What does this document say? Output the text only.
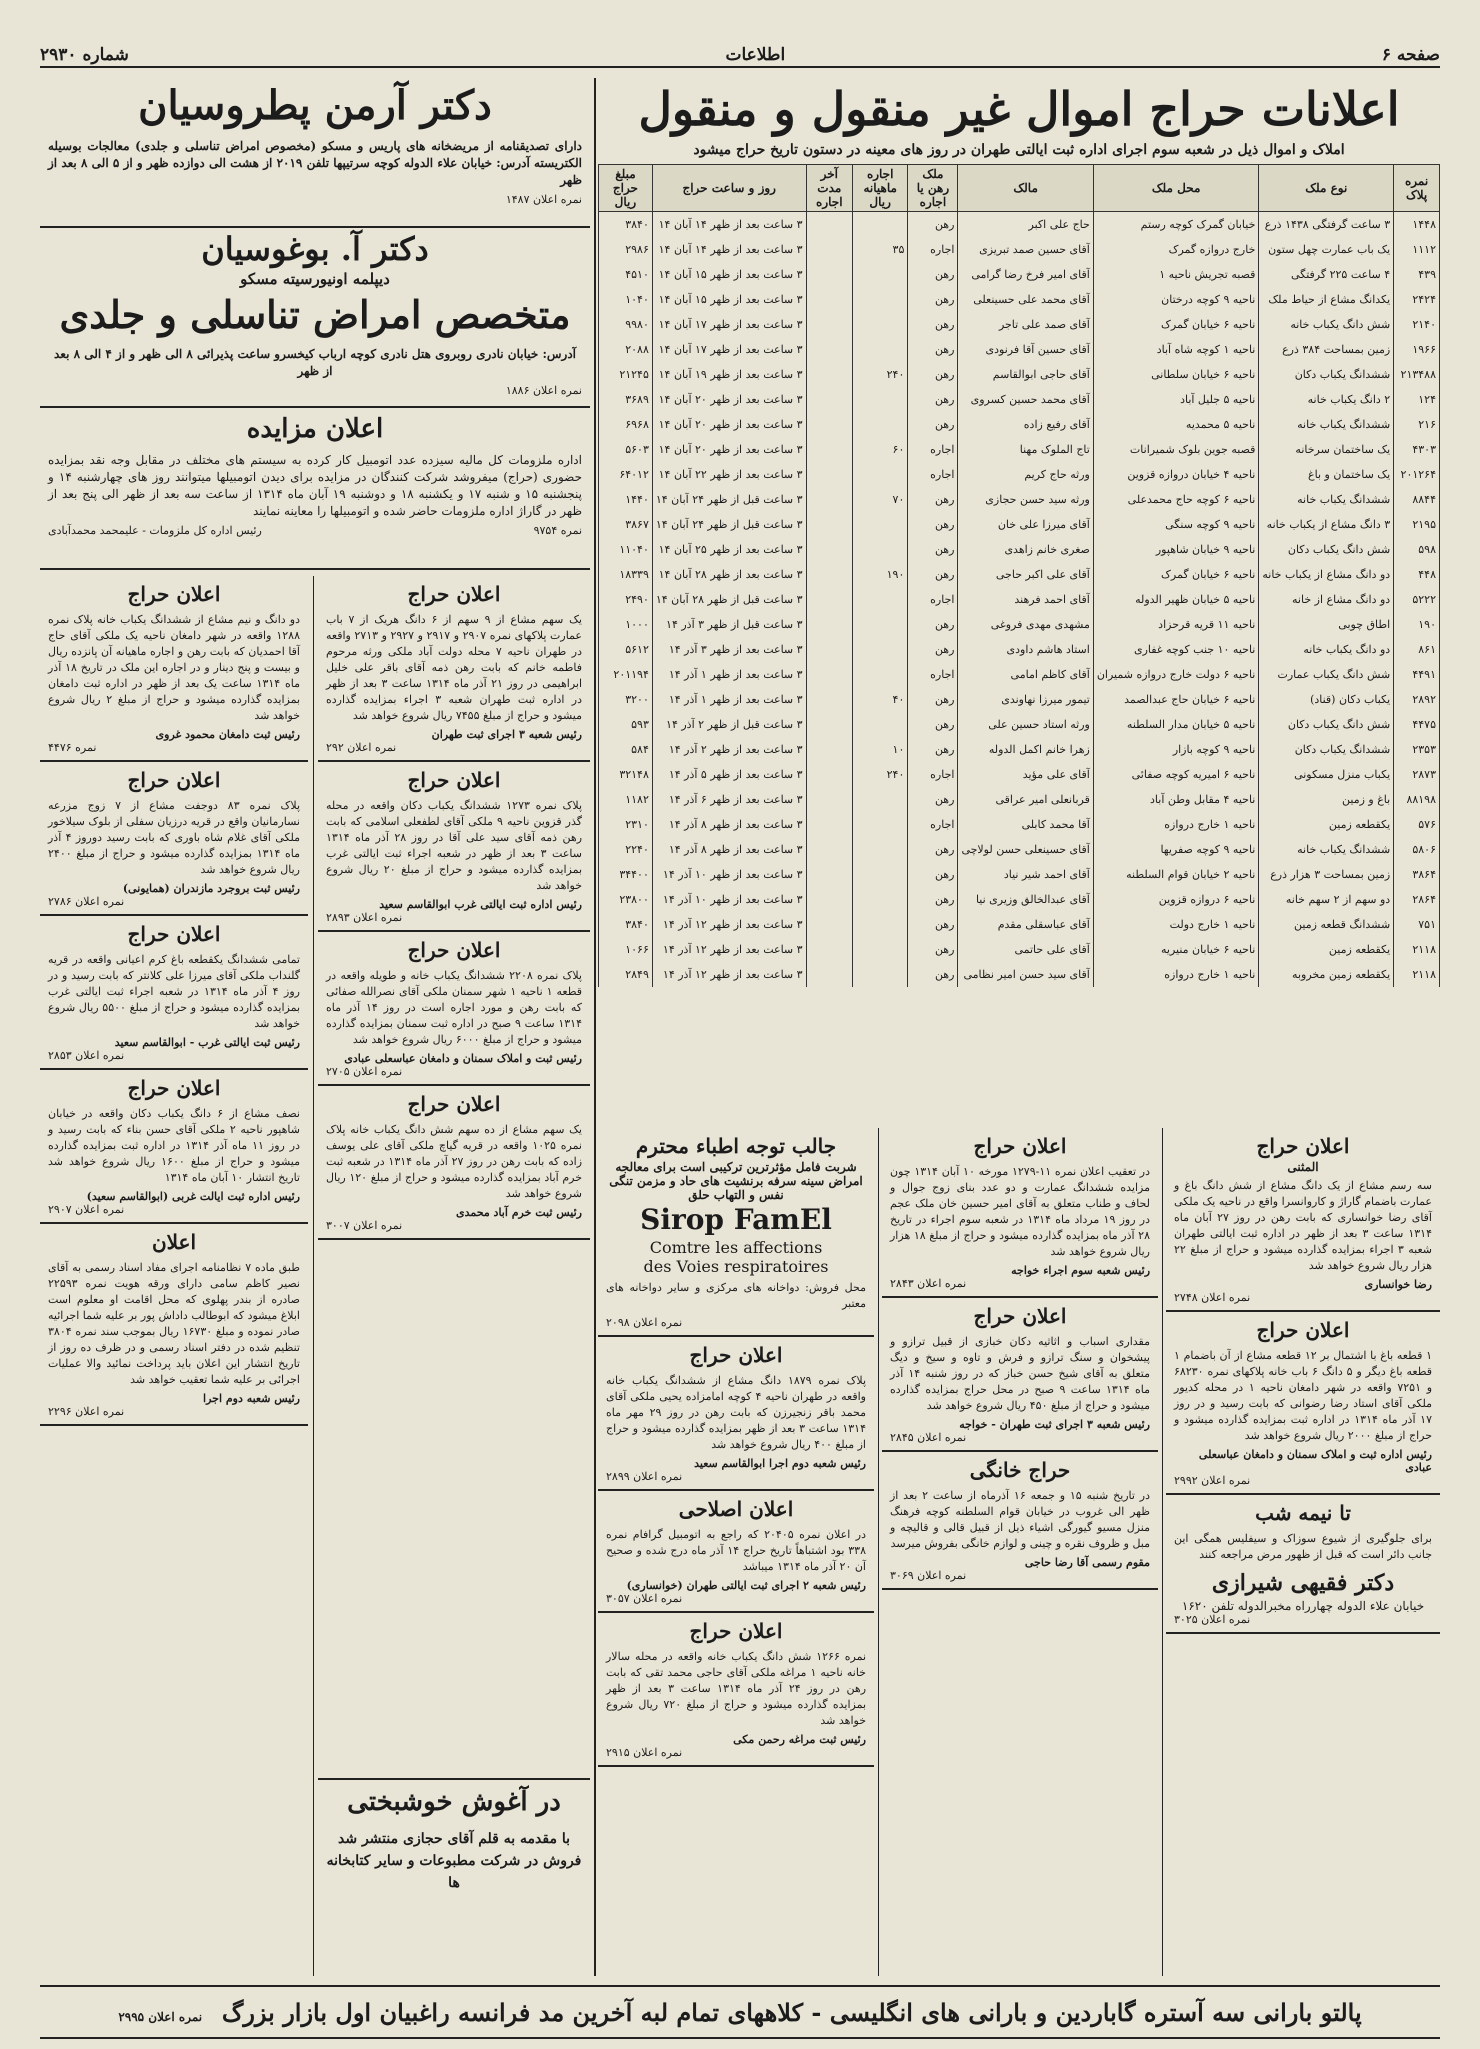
صفحه ۶
اطلاعات
شماره ۲۹۳۰
اعلانات حراج اموال غیر منقول و منقول
املاک و اموال ذیل در شعبه سوم اجرای اداره ثبت ایالتی طهران در روز های معینه در دستون تاریخ حراج میشود
نمره پلاک	نوع ملک	محل ملک	مالک	ملک رهن یا اجاره	اجاره ماهیانه ریال	آخر مدت اجاره	روز و ساعت حراج	مبلغ حراج ریال
۱۴۴۸	۳ ساعت گرفتگی ۱۴۳۸ ذرع	خیابان گمرک کوچه رستم	حاج علی اکبر	رهن			۳ ساعت بعد از ظهر ۱۴ آبان ۱۴	۳۸۴۰
۱۱۱۲	یک باب عمارت چهل ستون	خارج دروازه گمرک	آقای حسین صمد تبریزی	اجاره	۳۵		۳ ساعت بعد از ظهر ۱۴ آبان ۱۴	۲۹۸۶
۴۳۹	۴ ساعت ۲۲۵ گرفتگی	قصبه تجریش ناحیه ۱	آقای امیر فرخ رضا گرامی	رهن			۳ ساعت بعد از ظهر ۱۵ آبان ۱۴	۴۵۱۰
۲۴۲۴	یکدانگ مشاع از حیاط ملک	ناحیه ۹ کوچه درختان	آقای محمد علی حسینعلی	رهن			۳ ساعت بعد از ظهر ۱۵ آبان ۱۴	۱۰۴۰
۲۱۴۰	شش دانگ یکباب خانه	ناحیه ۶ خیابان گمرک	آقای صمد علی تاجر	رهن			۳ ساعت بعد از ظهر ۱۷ آبان ۱۴	۹۹۸۰
۱۹۶۶	زمین بمساحت ۳۸۴ ذرع	ناحیه ۱ کوچه شاه آباد	آقای حسین آقا فرنودی	رهن			۳ ساعت بعد از ظهر ۱۷ آبان ۱۴	۲۰۸۸
۲۱۳۴۸۸	ششدانگ یکباب دکان	ناحیه ۶ خیابان سلطانی	آقای حاجی ابوالقاسم	رهن	۲۴۰		۳ ساعت بعد از ظهر ۱۹ آبان ۱۴	۲۱۲۴۵
۱۲۴	۲ دانگ یکباب خانه	ناحیه ۵ جلیل آباد	آقای محمد حسین کسروی	رهن			۳ ساعت بعد از ظهر ۲۰ آبان ۱۴	۳۶۸۹
۲۱۶	ششدانگ یکباب خانه	ناحیه ۵ محمدیه	آقای رفیع زاده	رهن			۳ ساعت بعد از ظهر ۲۰ آبان ۱۴	۶۹۶۸
۴۳۰۳	یک ساختمان سرخانه	قصبه جوین بلوک شمیرانات	تاج الملوک مهنا	اجاره	۶۰		۳ ساعت بعد از ظهر ۲۰ آبان ۱۴	۵۶۰۳
۲۰۱۲۶۴	یک ساختمان و باغ	ناحیه ۴ خیابان دروازه قزوین	ورثه حاج کریم	اجاره			۳ ساعت بعد از ظهر ۲۲ آبان ۱۴	۶۴۰۱۲
۸۸۴۴	ششدانگ یکباب خانه	ناحیه ۶ کوچه حاج محمدعلی	ورثه سید حسن حجازی	رهن	۷۰		۳ ساعت قبل از ظهر ۲۴ آبان ۱۴	۱۴۴۰
۲۱۹۵	۳ دانگ مشاع از یکباب خانه	ناحیه ۹ کوچه سنگی	آقای میرزا علی خان	رهن			۳ ساعت قبل از ظهر ۲۴ آبان ۱۴	۳۸۶۷
۵۹۸	شش دانگ یکباب دکان	ناحیه ۹ خیابان شاهپور	صغری خانم زاهدی	رهن			۳ ساعت بعد از ظهر ۲۵ آبان ۱۴	۱۱۰۴۰
۴۴۸	دو دانگ مشاع از یکباب خانه	ناحیه ۶ خیابان گمرک	آقای علی اکبر حاجی	رهن	۱۹۰		۳ ساعت بعد از ظهر ۲۸ آبان ۱۴	۱۸۳۳۹
۵۲۲۲	دو دانگ مشاع از خانه	ناحیه ۵ خیابان ظهیر الدوله	آقای احمد فرهند	اجاره			۳ ساعت قبل از ظهر ۲۸ آبان ۱۴	۲۴۹۰
۱۹۰	اطاق چوبی	ناحیه ۱۱ قریه قرحزاد	مشهدی مهدی فروغی	رهن			۳ ساعت قبل از ظهر ۳ آذر ۱۴	۱۰۰۰
۸۶۱	دو دانگ یکباب خانه	ناحیه ۱۰ جنب کوچه غفاری	استاد هاشم داودی	رهن			۳ ساعت بعد از ظهر ۳ آذر ۱۴	۵۶۱۲
۴۴۹۱	شش دانگ یکباب عمارت	ناحیه ۶ دولت خارج دروازه شمیران	آقای کاظم امامی	اجاره			۳ ساعت بعد از ظهر ۱ آذر ۱۴	۲۰۱۱۹۴
۲۸۹۲	یکباب دکان (قناد)	ناحیه ۶ خیابان حاج عبدالصمد	تیمور میرزا نهاوندی	رهن	۴۰		۳ ساعت بعد از ظهر ۱ آذر ۱۴	۳۲۰۰
۴۴۷۵	شش دانگ یکباب دکان	ناحیه ۵ خیابان مدار السلطنه	ورثه استاد حسین علی	رهن			۳ ساعت قبل از ظهر ۲ آذر ۱۴	۵۹۳
۲۳۵۳	ششدانگ یکباب دکان	ناحیه ۹ کوچه بازار	زهرا خانم اکمل الدوله	رهن	۱۰		۳ ساعت بعد از ظهر ۲ آذر ۱۴	۵۸۴
۲۸۷۳	یکباب منزل مسکونی	ناحیه ۶ امیریه کوچه صفائی	آقای علی مؤید	اجاره	۲۴۰		۳ ساعت بعد از ظهر ۵ آذر ۱۴	۳۲۱۴۸
۸۸۱۹۸	باغ و زمین	ناحیه ۴ مقابل وطن آباد	قربانعلی امیر عراقی	رهن			۳ ساعت بعد از ظهر ۶ آذر ۱۴	۱۱۸۲
۵۷۶	یکقطعه زمین	ناحیه ۱ خارج دروازه	آقا محمد کابلی	اجاره			۳ ساعت بعد از ظهر ۸ آذر ۱۴	۲۳۱۰
۵۸۰۶	ششدانگ یکباب خانه	ناحیه ۹ کوچه صفریها	آقای حسینعلی حسن لولاچی	رهن			۳ ساعت بعد از ظهر ۸ آذر ۱۴	۲۲۴۰
۳۸۶۴	زمین بمساحت ۳ هزار ذرع	ناحیه ۲ خیابان قوام السلطنه	آقای احمد شیر نیاد	رهن			۳ ساعت بعد از ظهر ۱۰ آذر ۱۴	۳۴۴۰۰
۲۸۶۴	دو سهم از ۲ سهم خانه	ناحیه ۶ دروازه قزوین	آقای عبدالخالق وزیری نیا	رهن			۳ ساعت بعد از ظهر ۱۰ آذر ۱۴	۲۳۸۰۰
۷۵۱	ششدانگ قطعه زمین	ناحیه ۱ خارج دولت	آقای عباسقلی مقدم	رهن			۳ ساعت بعد از ظهر ۱۲ آذر ۱۴	۳۸۴۰
۲۱۱۸	یکقطعه زمین	ناحیه ۶ خیابان منیریه	آقای علی حاتمی	رهن			۳ ساعت بعد از ظهر ۱۲ آذر ۱۴	۱۰۶۶
۲۱۱۸	یکقطعه زمین مخروبه	ناحیه ۱ خارج دروازه	آقای سید حسن امیر نظامی	رهن			۳ ساعت بعد از ظهر ۱۲ آذر ۱۴	۲۸۴۹
دکتر آرمن پطروسیان

دارای تصدیقنامه از مریضخانه های پاریس و مسکو (مخصوص امراض تناسلی و جلدی) معالجات بوسیله الکتریسته آدرس: خیابان علاء الدوله کوچه سرتیپها تلفن ۲۰۱۹ از هشت الی دوازده ظهر و از ۵ الی ۸ بعد از ظهر

نمره اعلان ۱۴۸۷
دکتر آ. بوغوسیان
دیپلمه اونیورسیته مسکو
متخصص امراض تناسلی و جلدی

آدرس: خیابان نادری روبروی هتل نادری کوچه ارباب کیخسرو ساعت پذیرائی ۸ الی ظهر و از ۴ الی ۸ بعد از ظهر

نمره اعلان ۱۸۸۶
اعلان مزایده

اداره ملزومات کل مالیه سیزده عدد اتومبیل کار کرده به سیستم های مختلف در مقابل وجه نقد بمزایده حضوری (حراج) میفروشد شرکت کنندگان در مزایده برای دیدن اتومبیلها میتوانند روز های چهارشنبه ۱۴ و پنجشنبه ۱۵ و شنبه ۱۷ و یکشنبه ۱۸ و دوشنبه ۱۹ آبان ماه ۱۳۱۴ از ساعت سه بعد از ظهر الی پنج بعد از ظهر در گاراژ اداره ملزومات حاضر شده و اتومبیلها را معاینه نمایند

نمره ۹۷۵۴
رئیس اداره کل ملزومات - علیمحمد محمدآبادی
اعلان حراج
دو دانگ و نیم مشاع از ششدانگ یکباب خانه پلاک نمره ۱۲۸۸ واقعه در شهر دامغان ناحیه یک ملکی آقای حاج آقا احمدیان که بابت رهن و اجاره ماهیانه آن پانزده ریال و بیست و پنج دینار و در اجاره این ملک در تاریخ ۱۸ آذر ماه ۱۳۱۴ ساعت یک بعد از ظهر در اداره ثبت دامغان بمزایده گذارده میشود و حراج از مبلغ ۲ ریال شروع خواهد شد
رئیس ثبت دامغان محمود غروی
نمره ۴۴۷۶
اعلان حراج
پلاک نمره ۸۳ دوجفت مشاع از ۷ زوج مزرعه نسارمانیان واقع در قریه درزیان سفلی از بلوک سیلاخور ملکی آقای غلام شاه باوری که بابت رسید دوروز ۴ آذر ماه ۱۳۱۴ بمزایده گذارده میشود و حراج از مبلغ ۲۴۰۰ ریال شروع خواهد شد
رئیس ثبت بروجرد مازندران (همایونی)
نمره اعلان ۲۷۸۶
اعلان حراج
تمامی ششدانگ یکقطعه باغ کرم اعیانی واقعه در قریه گلنداب ملکی آقای میرزا علی کلانتر که بابت رسید و در روز ۴ آذر ماه ۱۳۱۴ در شعبه اجراء ثبت ایالتی غرب بمزایده گذارده میشود و حراج از مبلغ ۵۵۰۰ ریال شروع خواهد شد
رئیس ثبت ایالتی غرب - ابوالقاسم سعید
نمره اعلان ۲۸۵۳
اعلان حراج
نصف مشاع از ۶ دانگ یکباب دکان واقعه در خیابان شاهپور ناحیه ۲ ملکی آقای حسن بناء که بابت رسید و در روز ۱۱ ماه آذر ۱۳۱۴ در اداره ثبت بمزایده گذارده میشود و حراج از مبلغ ۱۶۰۰ ریال شروع خواهد شد تاریخ انتشار ۱۰ آبان ماه ۱۳۱۴
رئیس اداره ثبت ایالت غربی (ابوالقاسم سعید)
نمره اعلان ۲۹۰۷
اعلان
طبق ماده ۷ نظامنامه اجرای مفاد اسناد رسمی به آقای نصیر کاظم سامی دارای ورقه هویت نمره ۲۲۵۹۳ صادره از بندر پهلوی که محل اقامت او معلوم است ابلاغ میشود که ابوطالب داداش پور بر علیه شما اجرائیه صادر نموده و مبلغ ۱۶۷۳۰ ریال بموجب سند نمره ۳۸۰۴ تنظیم شده در دفتر اسناد رسمی و در ظرف ده روز از تاریخ انتشار این اعلان باید پرداخت نمائید والا عملیات اجرائی بر علیه شما تعقیب خواهد شد
رئیس شعبه دوم اجرا
نمره اعلان ۲۲۹۶
اعلان حراج
یک سهم مشاع از ۹ سهم از ۶ دانگ هریک از ۷ باب عمارت پلاکهای نمره ۲۹۰۷ و ۲۹۱۷ و ۲۹۲۷ و ۲۷۱۳ واقعه در طهران ناحیه ۷ محله دولت آباد ملکی ورثه مرحوم فاطمه خانم که بابت رهن ذمه آقای باقر علی خلیل ابراهیمی در روز ۲۱ آذر ماه ۱۳۱۴ ساعت ۳ بعد از ظهر در اداره ثبت طهران شعبه ۳ اجراء بمزایده گذارده میشود و حراج از مبلغ ۷۴۵۵ ریال شروع خواهد شد
رئیس شعبه ۳ اجرای ثبت طهران
نمره اعلان ۲۹۲
اعلان حراج
پلاک نمره ۱۲۷۳ ششدانگ یکباب دکان واقعه در محله گذر قزوین ناحیه ۹ ملکی آقای لطفعلی اسلامی که بابت رهن ذمه آقای سید علی آقا در روز ۲۸ آذر ماه ۱۳۱۴ ساعت ۳ بعد از ظهر در شعبه اجراء ثبت ایالتی غرب بمزایده گذارده میشود و حراج از مبلغ ۲۰ ریال شروع خواهد شد
رئیس اداره ثبت ایالتی غرب ابوالقاسم سعید
نمره اعلان ۲۸۹۳
اعلان حراج
پلاک نمره ۲۲۰۸ ششدانگ یکباب خانه و طویله واقعه در قطعه ۱ ناحیه ۱ شهر سمنان ملکی آقای نصرالله صفائی که بابت رهن و مورد اجاره است در روز ۱۴ آذر ماه ۱۳۱۴ ساعت ۹ صبح در اداره ثبت سمنان بمزایده گذارده میشود و حراج از مبلغ ۶۰۰۰ ریال شروع خواهد شد
رئیس ثبت و املاک سمنان و دامغان عباسعلی عبادی
نمره اعلان ۲۷۰۵
اعلان حراج
یک سهم مشاع از ده سهم شش دانگ یکباب خانه پلاک نمره ۱۰۲۵ واقعه در قریه گیاچ ملکی آقای علی یوسف زاده که بابت رهن در روز ۲۷ آذر ماه ۱۳۱۴ در شعبه ثبت خرم آباد بمزایده گذارده میشود و حراج از مبلغ ۱۲۰ ریال شروع خواهد شد
رئیس ثبت خرم آباد محمدی
نمره اعلان ۳۰۰۷
در آغوش خوشبختی

با مقدمه به قلم آقای حجازی منتشر شد فروش در شرکت مطبوعات و سایر کتابخانه ها

جالب توجه اطباء محترم
شربت فامل مؤثرترین ترکیبی است برای معالجه امراض سینه سرفه برنشیت های حاد و مزمن تنگی نفس و التهاب حلق
Sirop FamEl
Comtre les affections
des Voies respiratoires
محل فروش: دواخانه های مرکزی و سایر دواخانه های معتبر
نمره اعلان ۲۰۹۸
اعلان حراج
پلاک نمره ۱۸۷۹ دانگ مشاع از ششدانگ یکباب خانه واقعه در طهران ناحیه ۴ کوچه امامزاده یحیی ملکی آقای محمد باقر زنجیرزن که بابت رهن در روز ۲۹ مهر ماه ۱۳۱۴ ساعت ۳ بعد از ظهر بمزایده گذارده میشود و حراج از مبلغ ۴۰۰ ریال شروع خواهد شد
رئیس شعبه دوم اجرا ابوالقاسم سعید
نمره اعلان ۲۸۹۹
اعلان اصلاحی
در اعلان نمره ۲۰۴۰۵ که راجع به اتومبیل گرافام نمره ۳۳۸ بود اشتباهاً تاریخ حراج ۱۴ آذر ماه درج شده و صحیح آن ۲۰ آذر ماه ۱۳۱۴ میباشد
رئیس شعبه ۲ اجرای ثبت ایالتی طهران (خوانساری)
نمره اعلان ۳۰۵۷
اعلان حراج
نمره ۱۲۶۶ شش دانگ یکباب خانه واقعه در محله سالار خانه ناحیه ۱ مراغه ملکی آقای حاجی محمد تقی که بابت رهن در روز ۲۴ آذر ماه ۱۳۱۴ ساعت ۳ بعد از ظهر بمزایده گذارده میشود و حراج از مبلغ ۷۲۰ ریال شروع خواهد شد
رئیس ثبت مراغه رحمن مکی
نمره اعلان ۲۹۱۵
اعلان حراج
در تعقیب اعلان نمره ۱۱-۱۲۷۹ مورخه ۱۰ آبان ۱۳۱۴ چون مزایده ششدانگ عمارت و دو عدد بنای زوج جوال و لحاف و طناب متعلق به آقای امیر حسین خان ملک عجم در روز ۱۹ مرداد ماه ۱۳۱۴ در شعبه سوم اجراء در تاریخ ۲۸ آذر ماه بمزایده گذارده میشود و حراج از مبلغ ۱۸ هزار ریال شروع خواهد شد
رئیس شعبه سوم اجراء خواجه
نمره اعلان ۲۸۴۳
اعلان حراج
مقداری اسباب و اثاثیه دکان خبازی از قبیل ترازو و پیشخوان و سنگ ترازو و فرش و تاوه و سیخ و دیگ متعلق به آقای شیخ حسن خباز که در روز شنبه ۱۴ آذر ماه ۱۳۱۴ ساعت ۹ صبح در محل حراج بمزایده گذارده میشود و حراج از مبلغ ۴۵۰ ریال شروع خواهد شد
رئیس شعبه ۳ اجرای ثبت طهران - خواجه
نمره اعلان ۲۸۴۵
حراج خانگی
در تاریخ شنبه ۱۵ و جمعه ۱۶ آذرماه از ساعت ۲ بعد از ظهر الی غروب در خیابان قوام السلطنه کوچه فرهنگ منزل مسیو گیورگی اشیاء ذیل از قبیل قالی و قالیچه و مبل و ظروف نقره و چینی و لوازم خانگی بفروش میرسد
مقوم رسمی آقا رضا حاجی
نمره اعلان ۳۰۶۹
اعلان حراج
المثنی
سه رسم مشاع از یک دانگ مشاع از شش دانگ باغ و عمارت باضمام گاراژ و کاروانسرا واقع در ناحیه یک ملکی آقای رضا خوانساری که بابت رهن در روز ۲۷ آبان ماه ۱۳۱۴ ساعت ۳ بعد از ظهر در اداره ثبت ایالتی طهران شعبه ۳ اجراء بمزایده گذارده میشود و حراج از مبلغ ۲۲ هزار ریال شروع خواهد شد
رضا خوانساری
نمره اعلان ۲۷۴۸
اعلان حراج
۱ قطعه باغ با اشتمال بر ۱۲ قطعه مشاع از آن باضمام ۱ قطعه باغ دیگر و ۵ دانگ ۶ باب خانه پلاکهای نمره ۶۸۲۳۰ و ۷۲۵۱ واقعه در شهر دامغان ناحیه ۱ در محله کدیور ملکی آقای استاد رضا رضوانی که بابت رسید و در روز ۱۷ آذر ماه ۱۳۱۴ در اداره ثبت بمزایده گذارده میشود و حراج از مبلغ ۲۰۰۰ ریال شروع خواهد شد
رئیس اداره ثبت و املاک سمنان و دامغان عباسعلی عبادی
نمره اعلان ۲۹۹۲
تا نیمه شب
برای جلوگیری از شیوع سوزاک و سیفلیس همگی این جانب دائر است که قبل از ظهور مرض مراجعه کنند
دکتر فقیهی شیرازی
خیابان علاء الدوله چهارراه مخبرالدوله تلفن ۱۶۲۰
نمره اعلان ۳۰۲۵
پالتو بارانی سه آستره گاباردین و بارانی های انگلیسی - کلاههای تمام لبه آخرین مد فرانسه راغبیان اول بازار بزرگ نمره اعلان ۲۹۹۵
